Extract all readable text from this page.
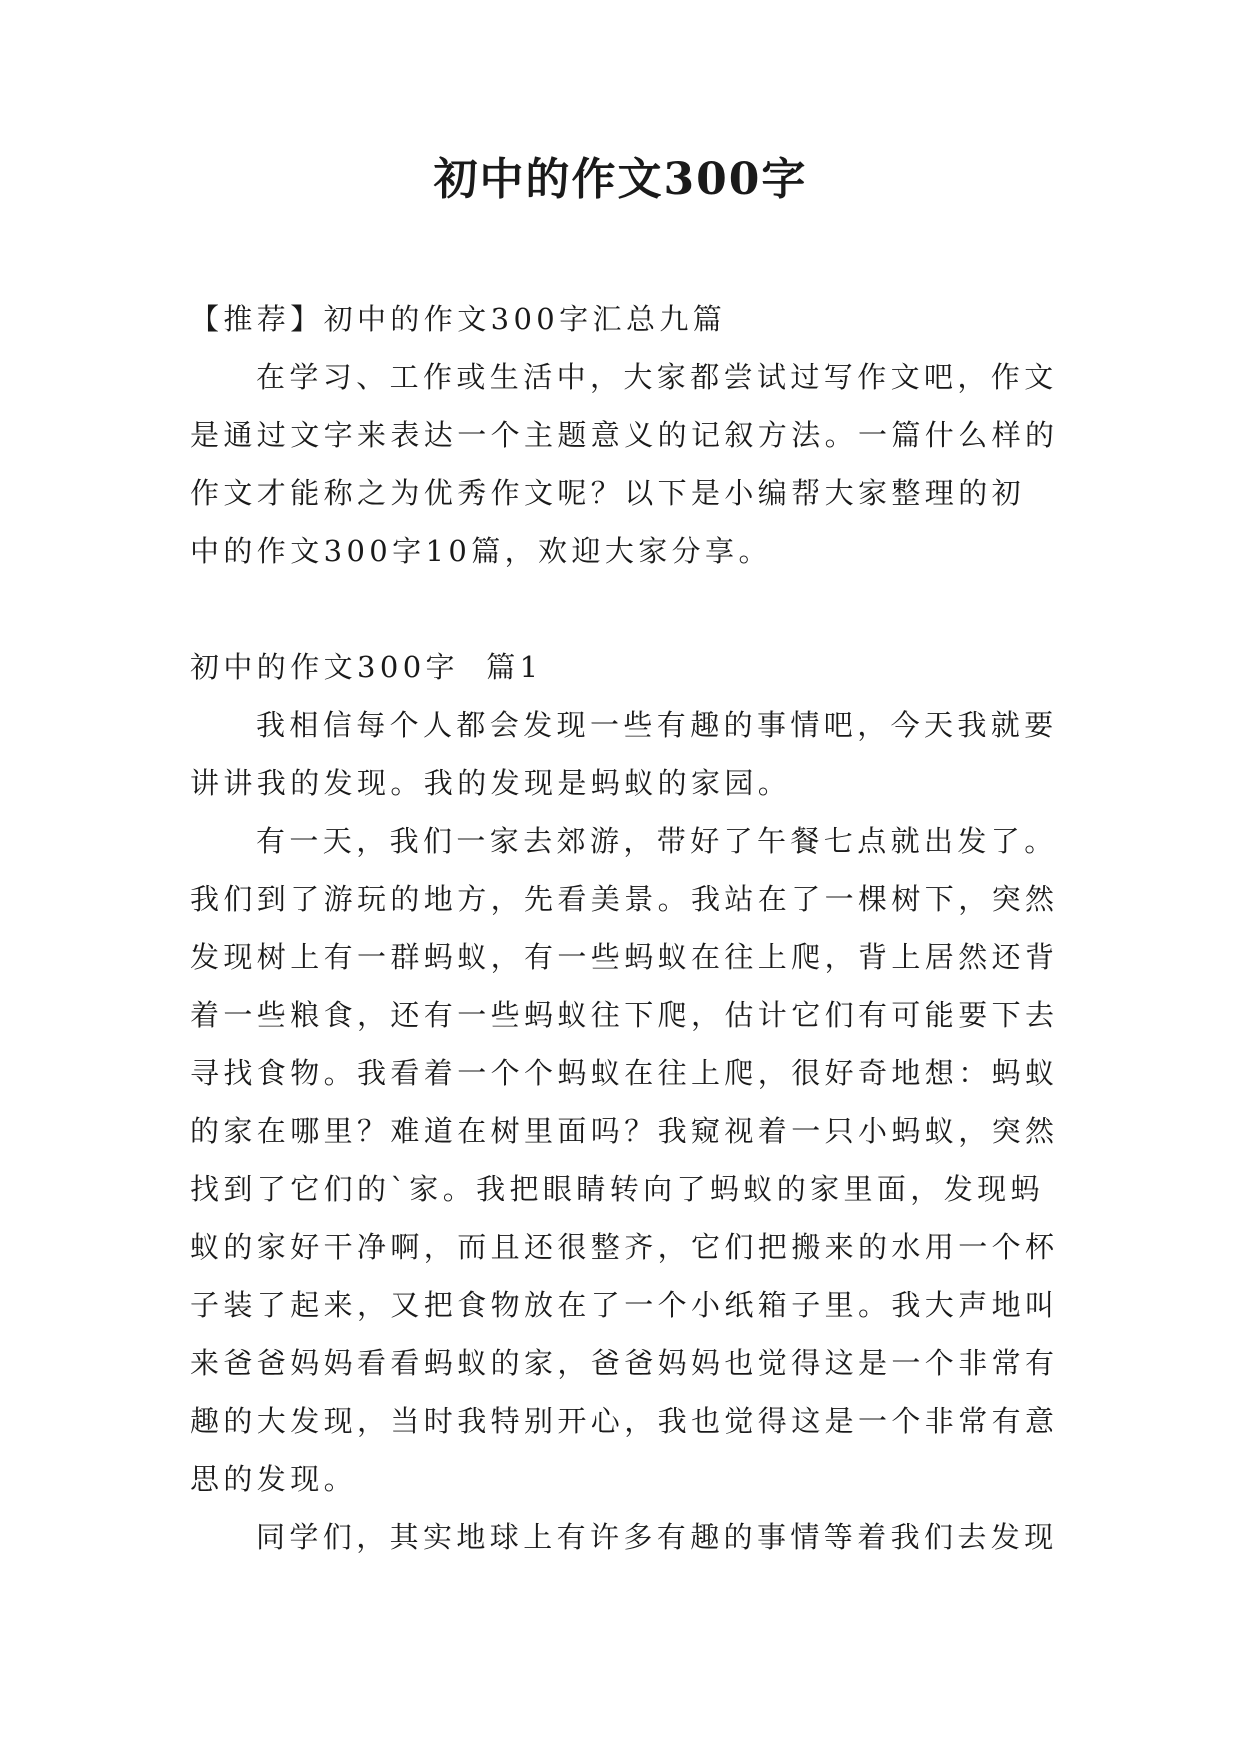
初中的作文300字

【推荐】初中的作文300字汇总九篇

在学习、工作或生活中，大家都尝试过写作文吧，作文
是通过文字来表达一个主题意义的记叙方法。一篇什么样的
作文才能称之为优秀作文呢？以下是小编帮大家整理的初
中的作文300字10篇，欢迎大家分享。

初中的作文300字  篇1

我相信每个人都会发现一些有趣的事情吧，今天我就要
讲讲我的发现。我的发现是蚂蚁的家园。

有一天，我们一家去郊游，带好了午餐七点就出发了。
我们到了游玩的地方，先看美景。我站在了一棵树下，突然
发现树上有一群蚂蚁，有一些蚂蚁在往上爬，背上居然还背
着一些粮食，还有一些蚂蚁往下爬，估计它们有可能要下去
寻找食物。我看着一个个蚂蚁在往上爬，很好奇地想：蚂蚁
的家在哪里？难道在树里面吗？我窥视着一只小蚂蚁，突然
找到了它们的`家。我把眼睛转向了蚂蚁的家里面，发现蚂
蚁的家好干净啊，而且还很整齐，它们把搬来的水用一个杯
子装了起来，又把食物放在了一个小纸箱子里。我大声地叫
来爸爸妈妈看看蚂蚁的家，爸爸妈妈也觉得这是一个非常有
趣的大发现，当时我特别开心，我也觉得这是一个非常有意
思的发现。

同学们，其实地球上有许多有趣的事情等着我们去发现
